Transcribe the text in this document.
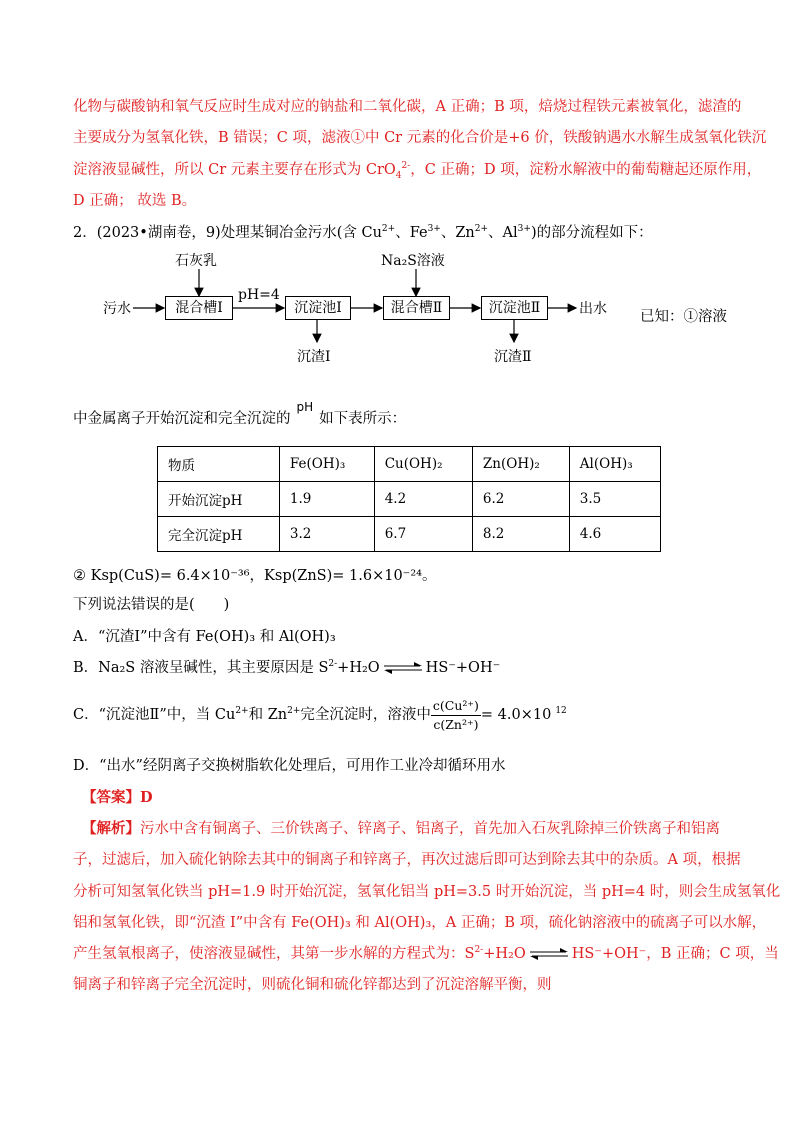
化物与碳酸钠和氧气反应时生成对应的钠盐和二氧化碳，A 正确；B 项，焙烧过程铁元素被氧化，滤渣的
主要成分为氢氧化铁，B 错误；C 项，滤液①中 Cr 元素的化合价是+6 价，铁酸钠遇水水解生成氢氧化铁沉
淀溶液显碱性，所以 Cr 元素主要存在形式为 CrO$_4^{2-}$，C 正确；D 项，淀粉水解液中的葡萄糖起还原作用，
D 正确； 故选 B。
2．(2023•湖南卷，9)处理某铜冶金污水(含 $Cu^{2+}$、$Fe^{3+}$、$Zn^{2+}$、$Al^{3+}$)的部分流程如下：
石灰乳	Na₂S溶液
污水	混合槽Ⅰ
pH=4
沉淀池Ⅰ	混合槽Ⅱ	沉淀池Ⅱ	出水
沉渣Ⅰ	沉渣Ⅱ
已知：①溶液
中金属离子开始沉淀和完全沉淀的$^{pH}$如下表所示：
物质	Fe(OH)₃	Cu(OH)₂	Zn(OH)₂	Al(OH)₃
开始沉淀pH	1.9	4.2	6.2	3.5
完全沉淀pH	3.2	6.7	8.2	4.6
② Ksp(CuS)= 6.4×10⁻³⁶，Ksp(ZnS)= 1.6×10⁻²⁴。
下列说法错误的是(　　)
A．“沉渣Ⅰ”中含有 Fe(OH)₃ 和 Al(OH)₃
B．Na₂S 溶液呈碱性，其主要原因是 $S^{2-}+H_2O$ ⇌ HS⁻+OH⁻
C．“沉淀池Ⅱ”中，当 $Cu^{2+}$和 $Zn^{2+}$完全沉淀时，溶液中 $\frac{\text{c(Cu²⁺)}}{\text{c(Zn²⁺)}} = 4.0\times 10$ $^{12}$
D．“出水”经阴离子交换树脂软化处理后，可用作工业冷却循环用水
【答案】D
【解析】污水中含有铜离子、三价铁离子、锌离子、铝离子，首先加入石灰乳除掉三价铁离子和铝离
子，过滤后，加入硫化钠除去其中的铜离子和锌离子，再次过滤后即可达到除去其中的杂质。A 项，根据
分析可知氢氧化铁当 pH=1.9 时开始沉淀，氢氧化铝当 pH=3.5 时开始沉淀，当 pH=4 时，则会生成氢氧化
铝和氢氧化铁，即“沉渣 I”中含有 Fe(OH)₃ 和 Al(OH)₃，A 正确；B 项，硫化钠溶液中的硫离子可以水解，
产生氢氧根离子，使溶液显碱性，其第一步水解的方程式为：$S^{2-}+H_2O$ ⇌ HS⁻+OH⁻，B 正确；C 项，当
铜离子和锌离子完全沉淀时，则硫化铜和硫化锌都达到了沉淀溶解平衡，则
